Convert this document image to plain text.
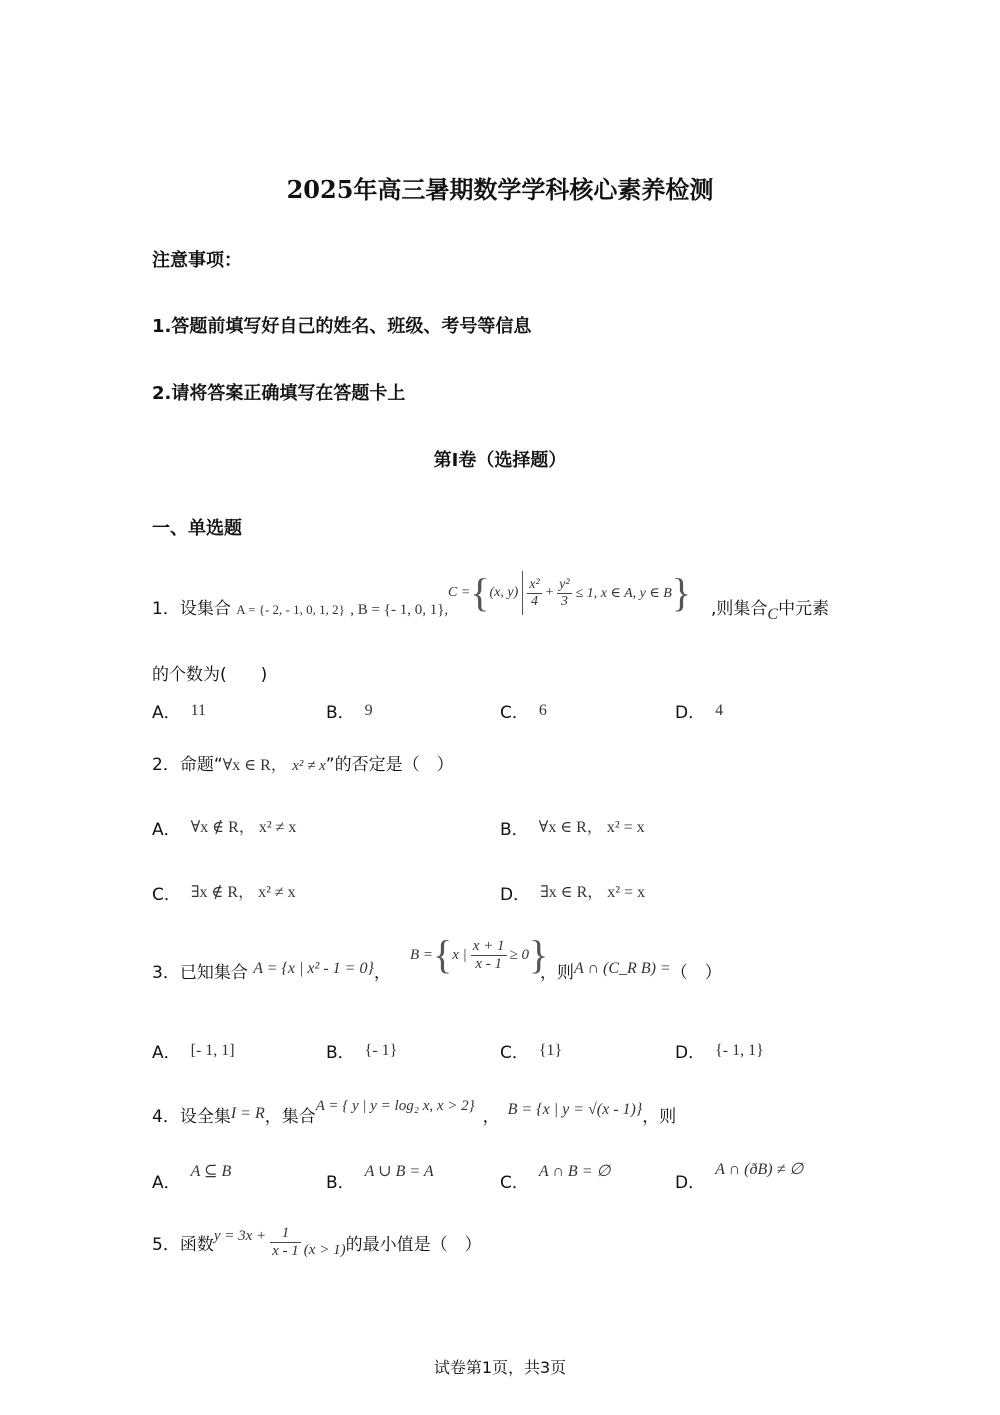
2025年高三暑期数学学科核心素养检测
注意事项：
1.答题前填写好自己的姓名、班级、考号等信息
2.请将答案正确填写在答题卡上
第I卷（选择题）
一、单选题
1．设集合 A = {- 2, - 1, 0, 1, 2} , B = {- 1, 0, 1},
C = { (x, $y) \frac{\text{x²}}{4} + \frac{\text{y²}}{3} \le 1$, x ∈ A, y ∈ B } ,则集合C中元素
的个数为(　　)
A． 11	B． 9	C． 6	D． 4
2．命题“∀x ∈ R， x² ≠ x”的否定是（　）
A． ∀x ∉ R， x² ≠ x	B． ∀x ∈ R， x² = x
C． ∃x ∉ R， x² ≠ x	D． ∃x ∈ R， x² = x
3．已知集合 A = {x | x² - 1 = 0}，
B = { x | $\frac{x + 1}{x - 1} \ge 0$ }
，则A ∩ (C_R B) =（　）
A． [- 1, 1]	B． {- 1}	C． {1}	D． {- 1, 1}
4．设全集I = R，集合A = { y | y = log₂ x, x > 2}， B = {x | y = √(x - 1)}，则
A．A ⊆ B
B．A ∪ B = A
C．A ∩ B = ∅
D．A ∩ (ðB) ≠ ∅
5． 函数 $y = 3x + \frac{1}{x - 1} (x > 1)$ 的最小值是（　）
试卷第1页，共3页
